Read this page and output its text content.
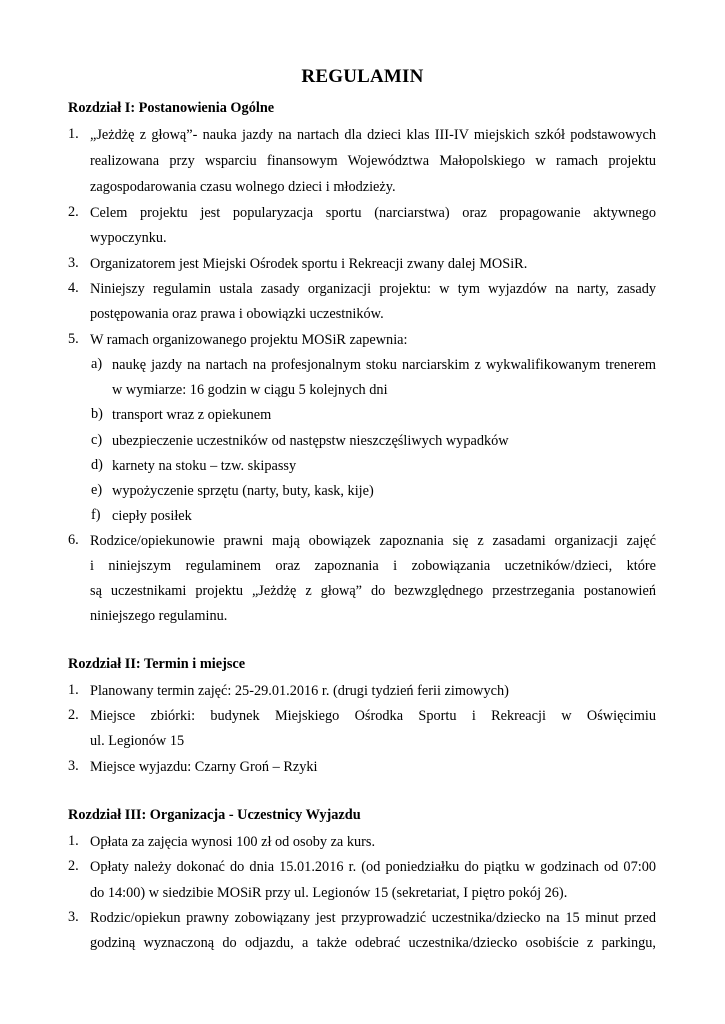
REGULAMIN
Rozdział I: Postanowienia Ogólne
1. „Jeżdżę z głową”- nauka jazdy na nartach dla dzieci klas III-IV miejskich szkół podstawowych
realizowana przy wsparciu finansowym Województwa Małopolskiego w ramach projektu
zagospodarowania czasu wolnego dzieci i młodzieży.
2. Celem projektu jest popularyzacja sportu (narciarstwa) oraz propagowanie aktywnego
wypoczynku.
3. Organizatorem jest Miejski Ośrodek sportu i Rekreacji zwany dalej MOSiR.
4. Niniejszy regulamin ustala zasady organizacji projektu: w tym wyjazdów na narty, zasady
postępowania oraz prawa i obowiązki uczestników.
5. W ramach organizowanego projektu MOSiR zapewnia:
a) naukę jazdy na nartach na profesjonalnym stoku narciarskim z wykwalifikowanym trenerem
w wymiarze: 16 godzin w ciągu 5 kolejnych dni
b) transport wraz z opiekunem
c) ubezpieczenie uczestników od następstw nieszczęśliwych wypadków
d) karnety na stoku – tzw. skipassy
e) wypożyczenie sprzętu (narty, buty, kask, kije)
f) ciepły posiłek
6. Rodzice/opiekunowie prawni mają obowiązek zapoznania się z zasadami organizacji zajęć
i niniejszym regulaminem oraz zapoznania i zobowiązania uczetników/dzieci, które
są uczestnikami projektu „Jeżdżę z głową” do bezwzględnego przestrzegania postanowień
niniejszego regulaminu.
Rozdział II: Termin i miejsce
1. Planowany termin zajęć: 25-29.01.2016 r. (drugi tydzień ferii zimowych)
2. Miejsce zbiórki: budynek Miejskiego Ośrodka Sportu i Rekreacji w Oświęcimiu
ul. Legionów 15
3. Miejsce wyjazdu: Czarny Groń – Rzyki
Rozdział III: Organizacja - Uczestnicy Wyjazdu
1. Opłata za zajęcia wynosi 100 zł od osoby za kurs.
2. Opłaty należy dokonać do dnia 15.01.2016 r. (od poniedziałku do piątku w godzinach od 07:00
do 14:00) w siedzibie MOSiR przy ul. Legionów 15 (sekretariat, I piętro pokój 26).
3. Rodzic/opiekun prawny zobowiązany jest przyprowadzić uczestnika/dziecko na 15 minut przed
godziną wyznaczoną do odjazdu, a także odebrać uczestnika/dziecko osobiście z parkingu,
